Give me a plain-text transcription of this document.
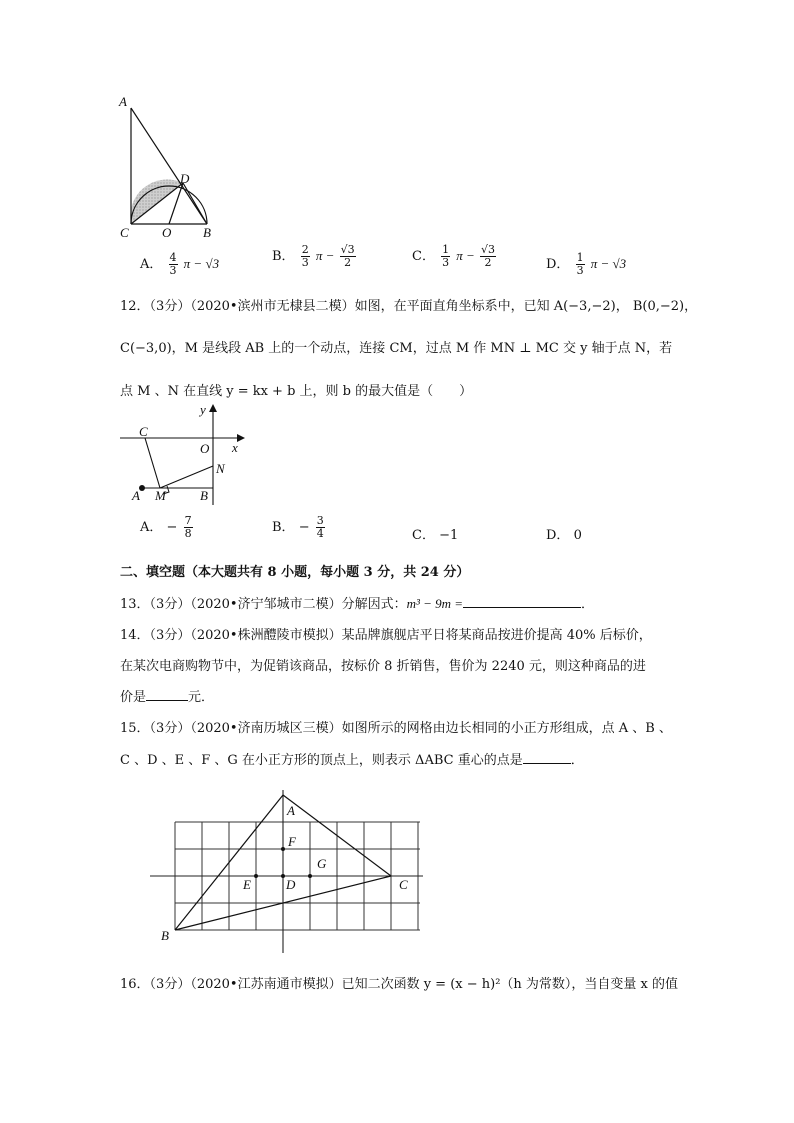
A
D
C	O B
A． $\frac{4}{3}$ π − √3	B． $\frac{2}{3}$ $\pi - \frac{√3}{2}$	C． $\frac{1}{3}$ $\pi - \frac{√3}{2}$	D． $\frac{1}{3}$ π − √3
12．（3分）（2020•滨州市无棣县二模）如图，在平面直角坐标系中，已知 A(−3,−2)， B(0,−2)，
C(−3,0)，M 是线段 AB 上的一个动点，连接 CM，过点 M 作 MN ⊥ MC 交 y 轴于点 N，若
点 M 、N 在直线 y = kx + b 上，则 b 的最大值是（　　）
y
C
O x
N
A M	B
A． − $\frac{7}{8}$	B． − $\frac{3}{4}$	C． −1	D． 0
二、填空题（本大题共有 8 小题，每小题 3 分，共 24 分）
13．（3分）（2020•济宁邹城市二模）分解因式：m³ − 9m =	．
14．（3分）（2020•株洲醴陵市模拟）某品牌旗舰店平日将某商品按进价提高 40% 后标价，
在某次电商购物节中，为促销该商品，按标价 8 折销售，售价为 2240 元，则这种商品的进
价是	元．
15．（3分）（2020•济南历城区三模）如图所示的网格由边长相同的小正方形组成，点 A 、B 、
C 、D 、E 、F 、G 在小正方形的顶点上，则表示 ΔABC 重心的点是	．
A
F
G
E	D	C
B
16．（3分）（2020•江苏南通市模拟）已知二次函数 y = (x − h)²（h 为常数），当自变量 x 的值
